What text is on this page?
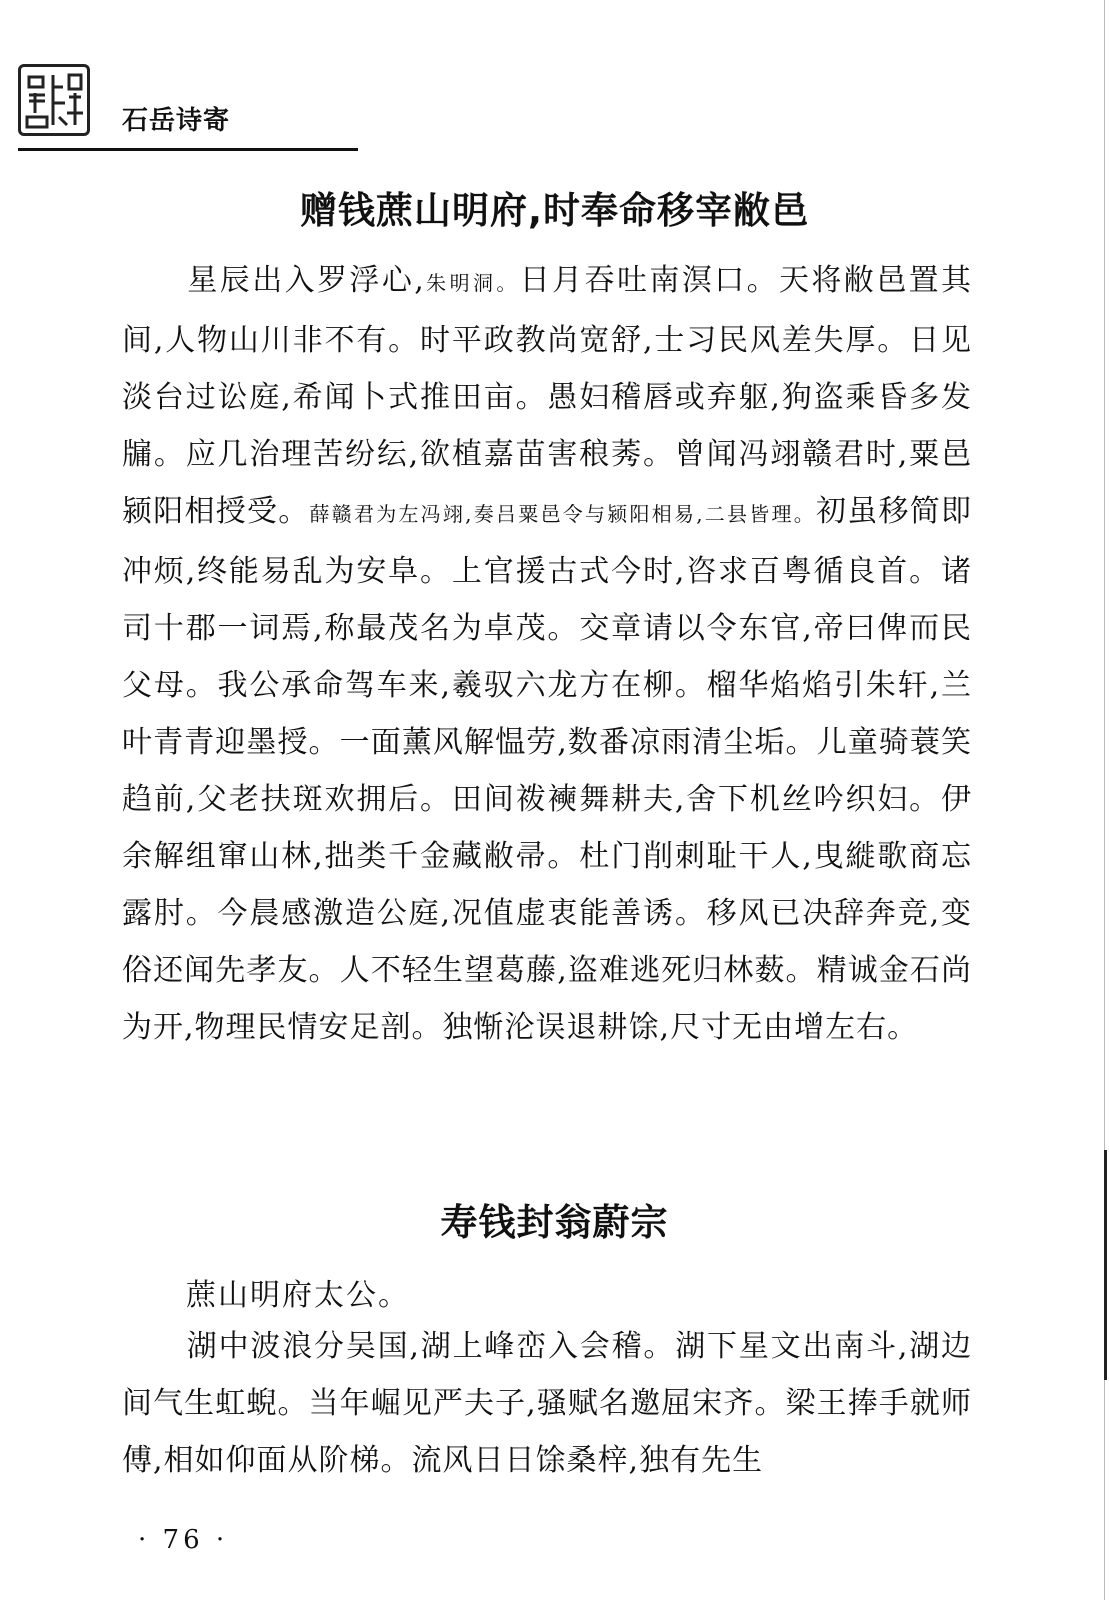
石岳诗寄
赠钱蔗山明府,时奉命移宰敝邑
星辰出入罗浮心,朱明洞。日月吞吐南溟口。天将敝邑置其间,人物山川非不有。时平政教尚宽舒,士习民风差失厚。日见淡台过讼庭,希闻卜式推田亩。愚妇稽唇或弃躯,狗盗乘昏多发牖。应几治理苦纷纭,欲植嘉苗害稂莠。曾闻冯翊赣君时,粟邑颍阳相授受。薛赣君为左冯翊,奏吕粟邑令与颍阳相易,二县皆理。初虽移简即冲烦,终能易乱为安阜。上官援古式今时,咨求百粤循良首。诸司十郡一词焉,称最茂名为卓茂。交章请以令东官,帝曰俾而民父母。我公承命驾车来,羲驭六龙方在柳。榴华焰焰引朱轩,兰叶青青迎墨授。一面薰风解愠劳,数番凉雨清尘垢。儿童骑蓑笑趋前,父老扶斑欢拥后。田间袯襫舞耕夫,舍下机丝吟织妇。伊余解组窜山林,拙类千金藏敝帚。杜门削刺耻干人,曳縰歌商忘露肘。今晨感激造公庭,况值虚衷能善诱。移风已决辞奔竞,变俗还闻先孝友。人不轻生望葛藤,盗难逃死归林薮。精诚金石尚为开,物理民情安足剖。独惭沦误退耕馀,尺寸无由增左右。
寿钱封翁蔚宗
蔗山明府太公。
湖中波浪分吴国,湖上峰峦入会稽。湖下星文出南斗,湖边间气生虹蜺。当年崛见严夫子,骚赋名邀屈宋齐。梁王捧手就师傅,相如仰面从阶梯。流风日日馀桑梓,独有先生
· 76 ·
